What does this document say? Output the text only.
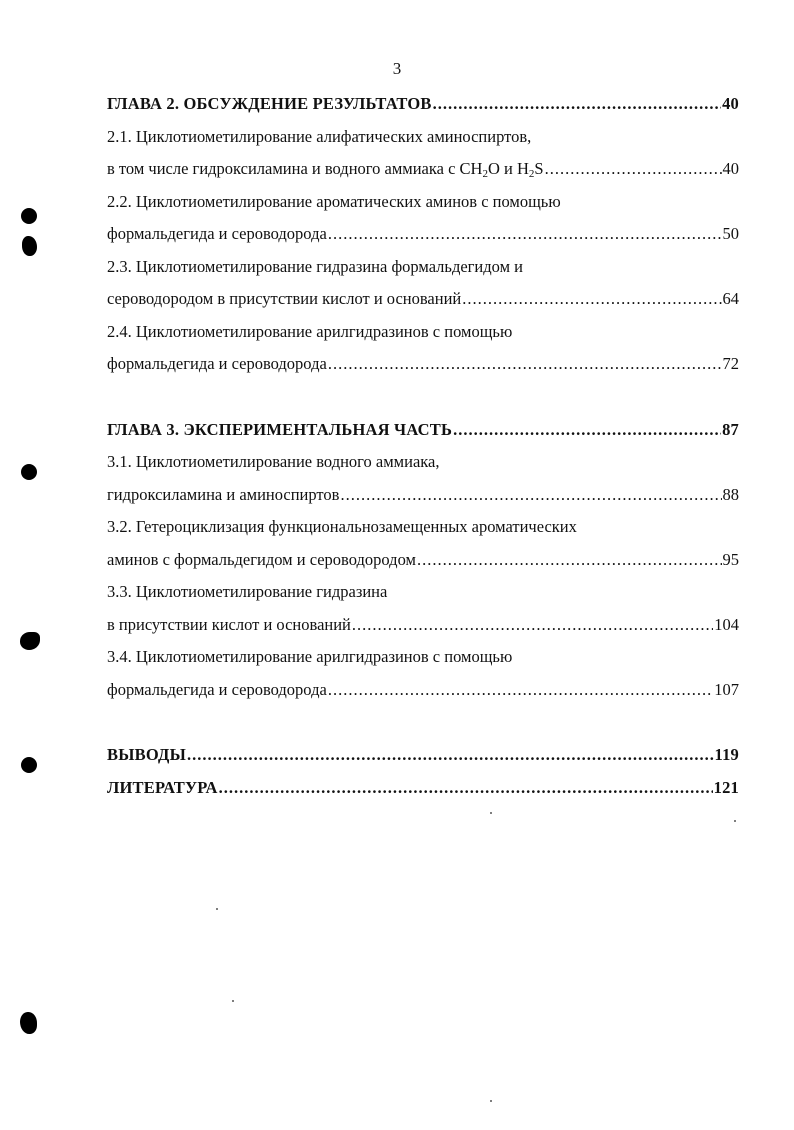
3
ГЛАВА 2. ОБСУЖДЕНИЕ РЕЗУЛЬТАТОВ .....	40
2.1. Циклотиометилирование алифатических аминоспиртов,
в том числе гидроксиламина и водного аммиака с $CH_2O$ и $H_2S$ .....	40
2.2. Циклотиометилирование ароматических аминов с помощью
формальдегида и сероводорода .....	50
2.3. Циклотиометилирование гидразина формальдегидом и
сероводородом в присутствии кислот и оснований .....	64
2.4. Циклотиометилирование арилгидразинов с помощью
формальдегида и сероводорода .....	72
ГЛАВА 3. ЭКСПЕРИМЕНТАЛЬНАЯ ЧАСТЬ .....	87
3.1. Циклотиометилирование водного аммиака,
гидроксиламина и аминоспиртов .....	88
3.2. Гетероциклизация функциональнозамещенных ароматических
аминов с формальдегидом и сероводородом .....	95
3.3. Циклотиометилирование гидразина
в присутствии кислот и оснований .....	104
3.4. Циклотиометилирование арилгидразинов с помощью
формальдегида и сероводорода .....	107
ВЫВОДЫ .....	119
ЛИТЕРАТУРА .....	121
